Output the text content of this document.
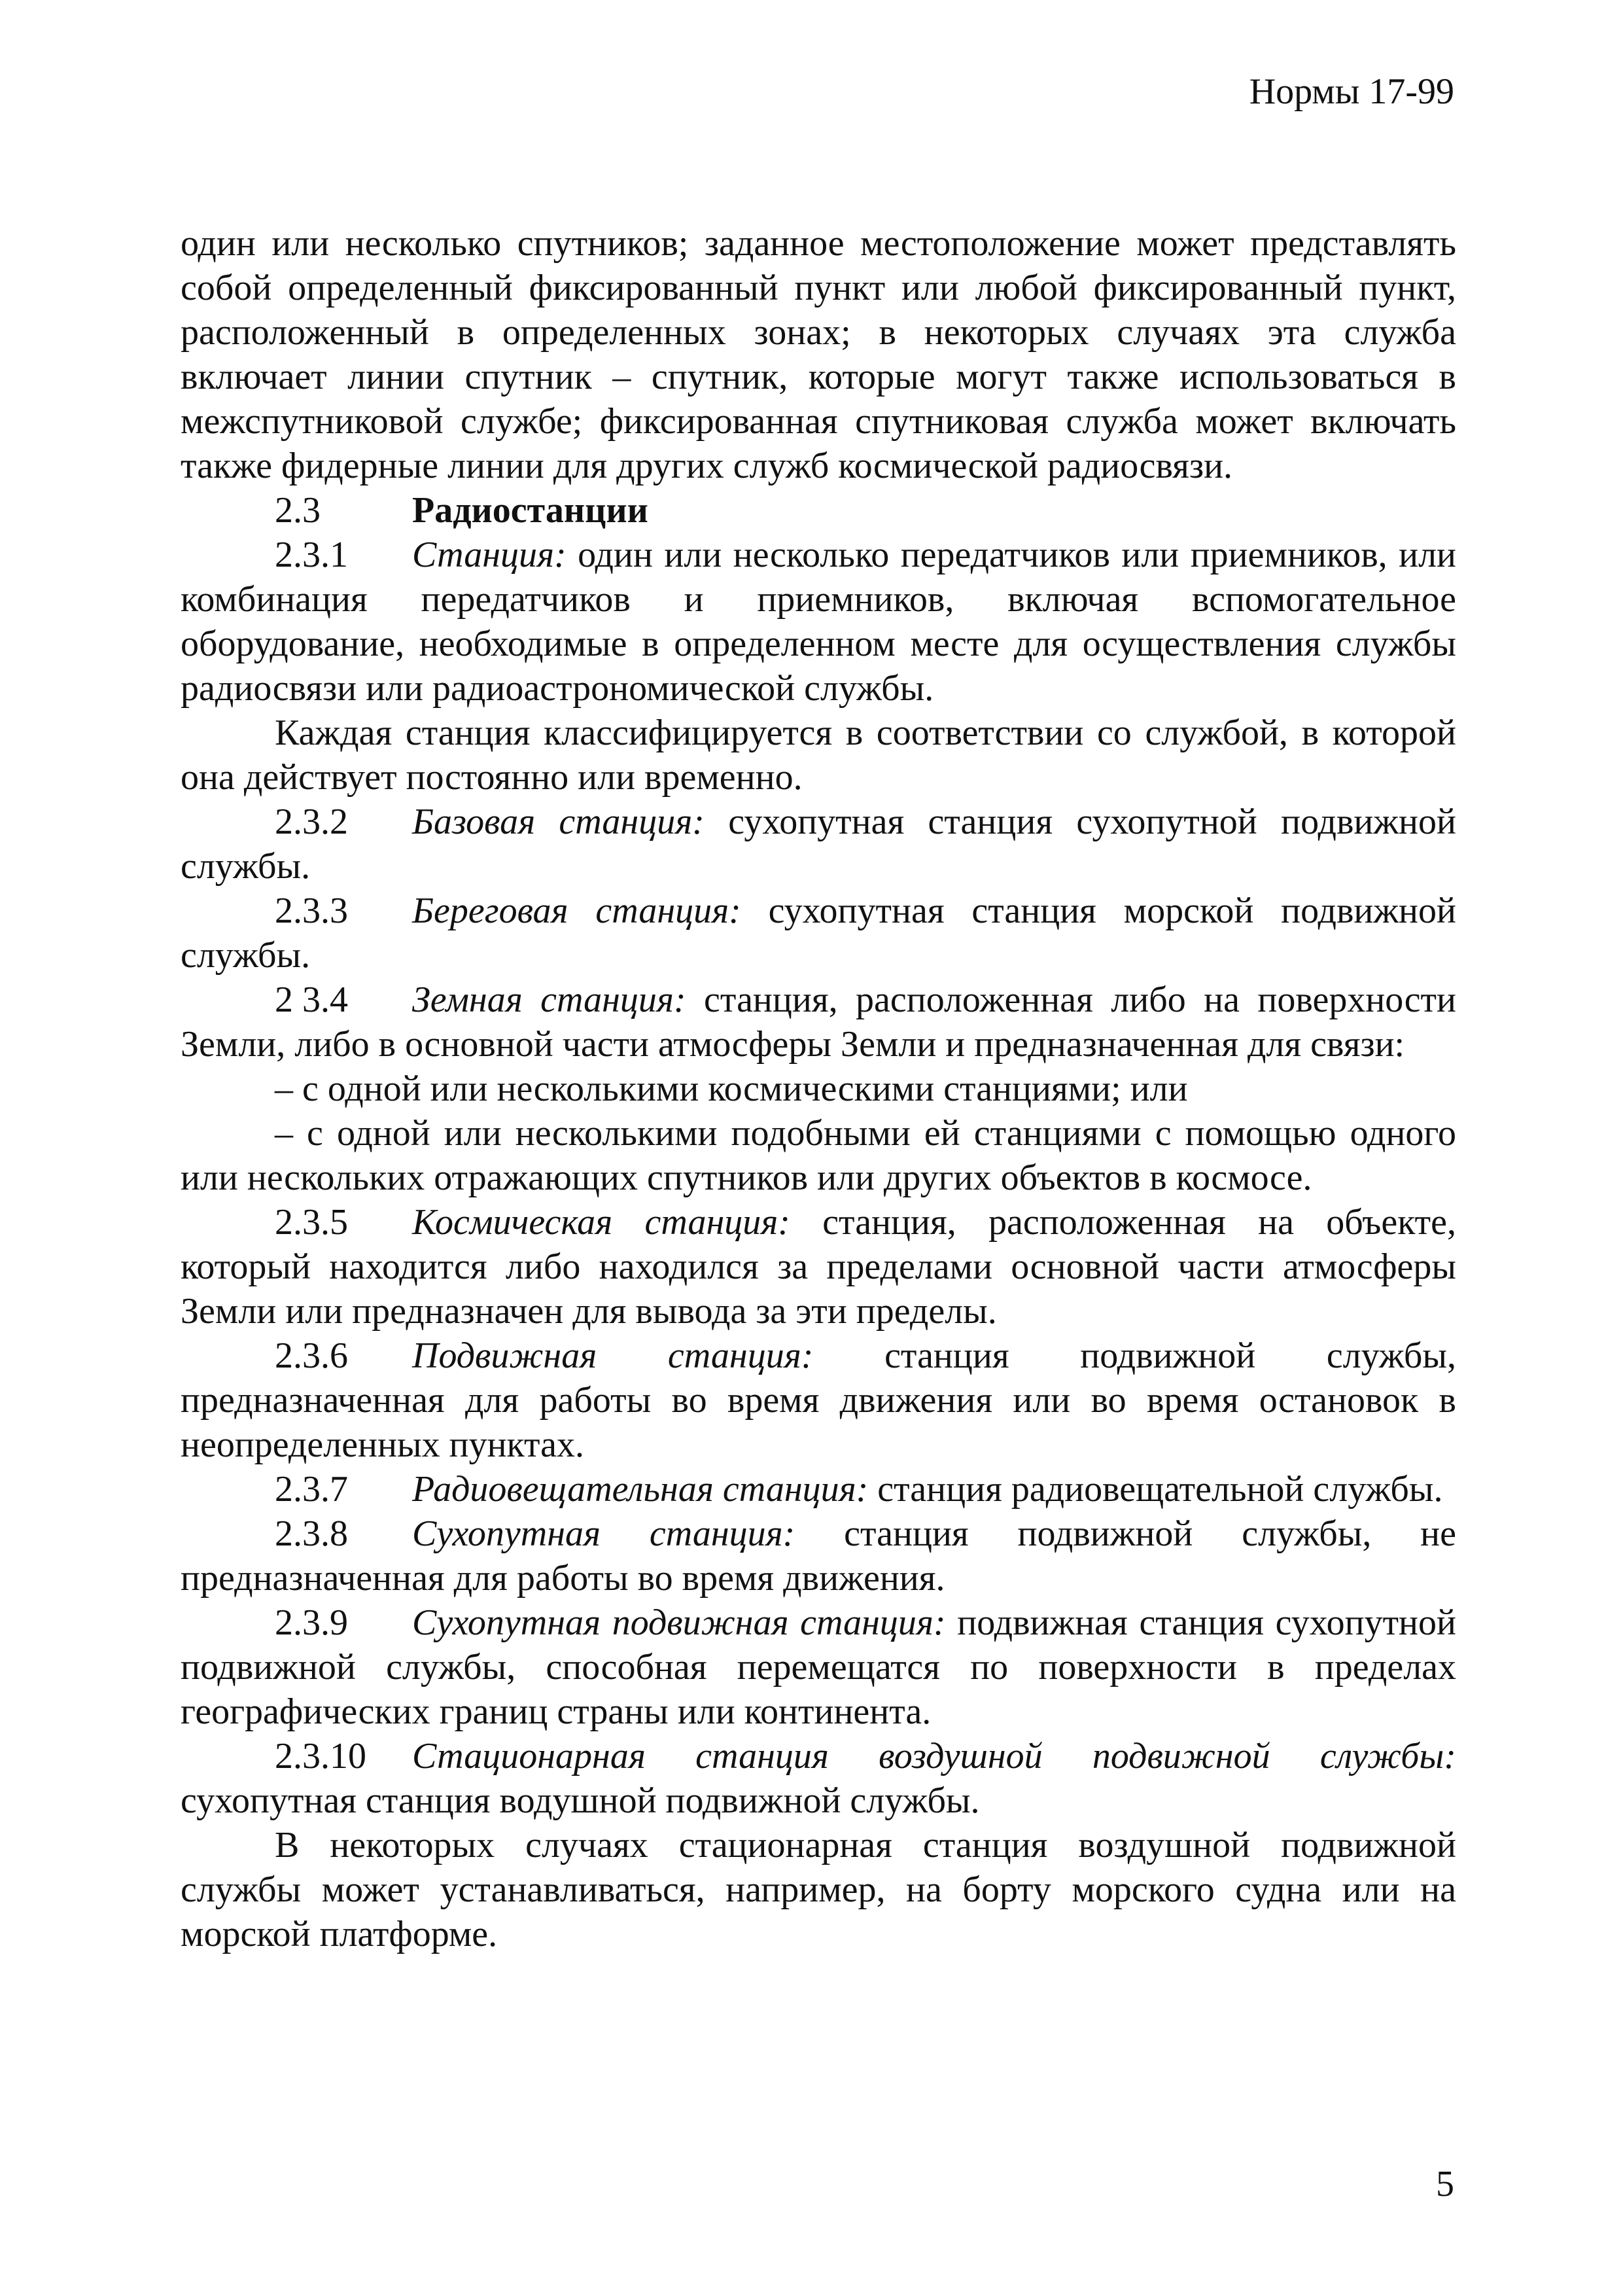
Нормы 17-99

один или несколько спутников; заданное местоположение может представлять собой определенный фиксированный пункт или любой фиксированный пункт, расположенный в определенных зонах; в некоторых случаях эта служба включает линии спутник – спутник, которые могут также использоваться в межспутниковой службе; фиксированная спутниковая служба может включать также фидерные линии для других служб космической радиосвязи.

2.3	Радиостанции

2.3.1 Станция: один или несколько передатчиков или приемников, или комбинация передатчиков и приемников, включая вспомогательное оборудование, необходимые в определенном месте для осуществления службы радиосвязи или радиоастрономической службы.

Каждая станция классифицируется в соответствии со службой, в которой она действует постоянно или временно.

2.3.2 Базовая станция: сухопутная станция сухопутной подвижной службы.

2.3.3 Береговая станция: сухопутная станция морской подвижной службы.

2 3.4 Земная станция: станция, расположенная либо на поверхности Земли, либо в основной части атмосферы Земли и предназначенная для связи:

– с одной или несколькими космическими станциями; или

– с одной или несколькими подобными ей станциями с помощью одного или нескольких отражающих спутников или других объектов в космосе.

2.3.5 Космическая станция: станция, расположенная на объекте, который находится либо находился за пределами основной части атмосферы Земли или предназначен для вывода за эти пределы.

2.3.6 Подвижная станция: станция подвижной службы, предназначенная для работы во время движения или во время остановок в неопределенных пунктах.

2.3.7 Радиовещательная станция: станция радиовещательной службы.

2.3.8 Сухопутная станция: станция подвижной службы, не предназначенная для работы во время движения.

2.3.9 Сухопутная подвижная станция: подвижная станция сухопутной подвижной службы, способная перемещатся по поверхности в пределах географических границ страны или континента.

2.3.10 Стационарная станция воздушной подвижной службы: сухопутная станция водушной подвижной службы.

В некоторых случаях стационарная станция воздушной подвижной службы может устанавливаться, например, на борту морского судна или на морской платформе.

5
